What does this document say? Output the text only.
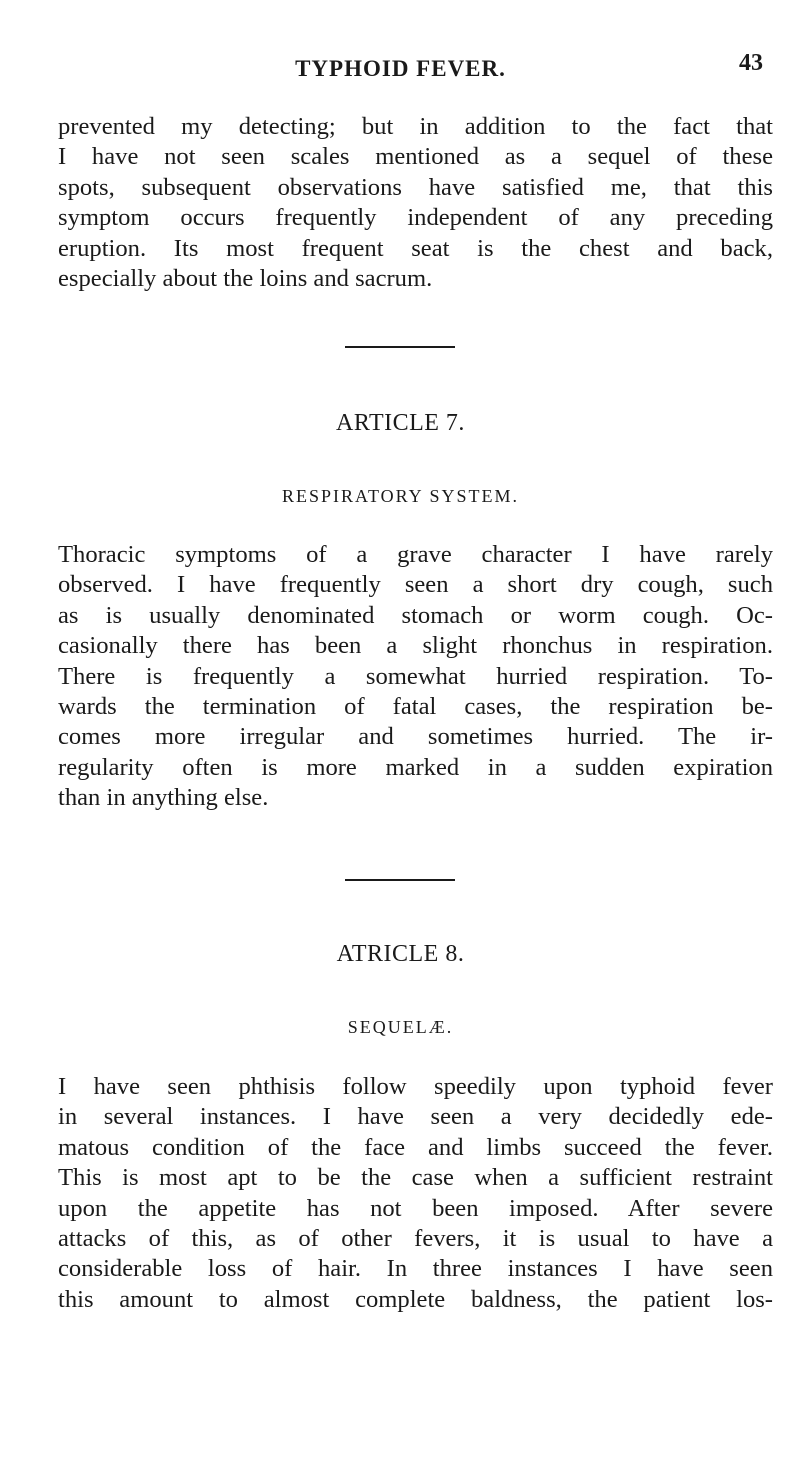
TYPHOID FEVER.	43
prevented my detecting; but in addition to the fact that
I have not seen scales mentioned as a sequel of these
spots, subsequent observations have satisfied me, that this
symptom occurs frequently independent of any preceding
eruption. Its most frequent seat is the chest and back,
especially about the loins and sacrum.
ARTICLE 7.
RESPIRATORY SYSTEM.
Thoracic symptoms of a grave character I have rarely
observed. I have frequently seen a short dry cough, such
as is usually denominated stomach or worm cough. Oc-
casionally there has been a slight rhonchus in respiration.
There is frequently a somewhat hurried respiration. To-
wards the termination of fatal cases, the respiration be-
comes more irregular and sometimes hurried. The ir-
regularity often is more marked in a sudden expiration
than in anything else.
ATRICLE 8.
SEQUELÆ.
I have seen phthisis follow speedily upon typhoid fever
in several instances. I have seen a very decidedly ede-
matous condition of the face and limbs succeed the fever.
This is most apt to be the case when a sufficient restraint
upon the appetite has not been imposed. After severe
attacks of this, as of other fevers, it is usual to have a
considerable loss of hair. In three instances I have seen
this amount to almost complete baldness, the patient los-
